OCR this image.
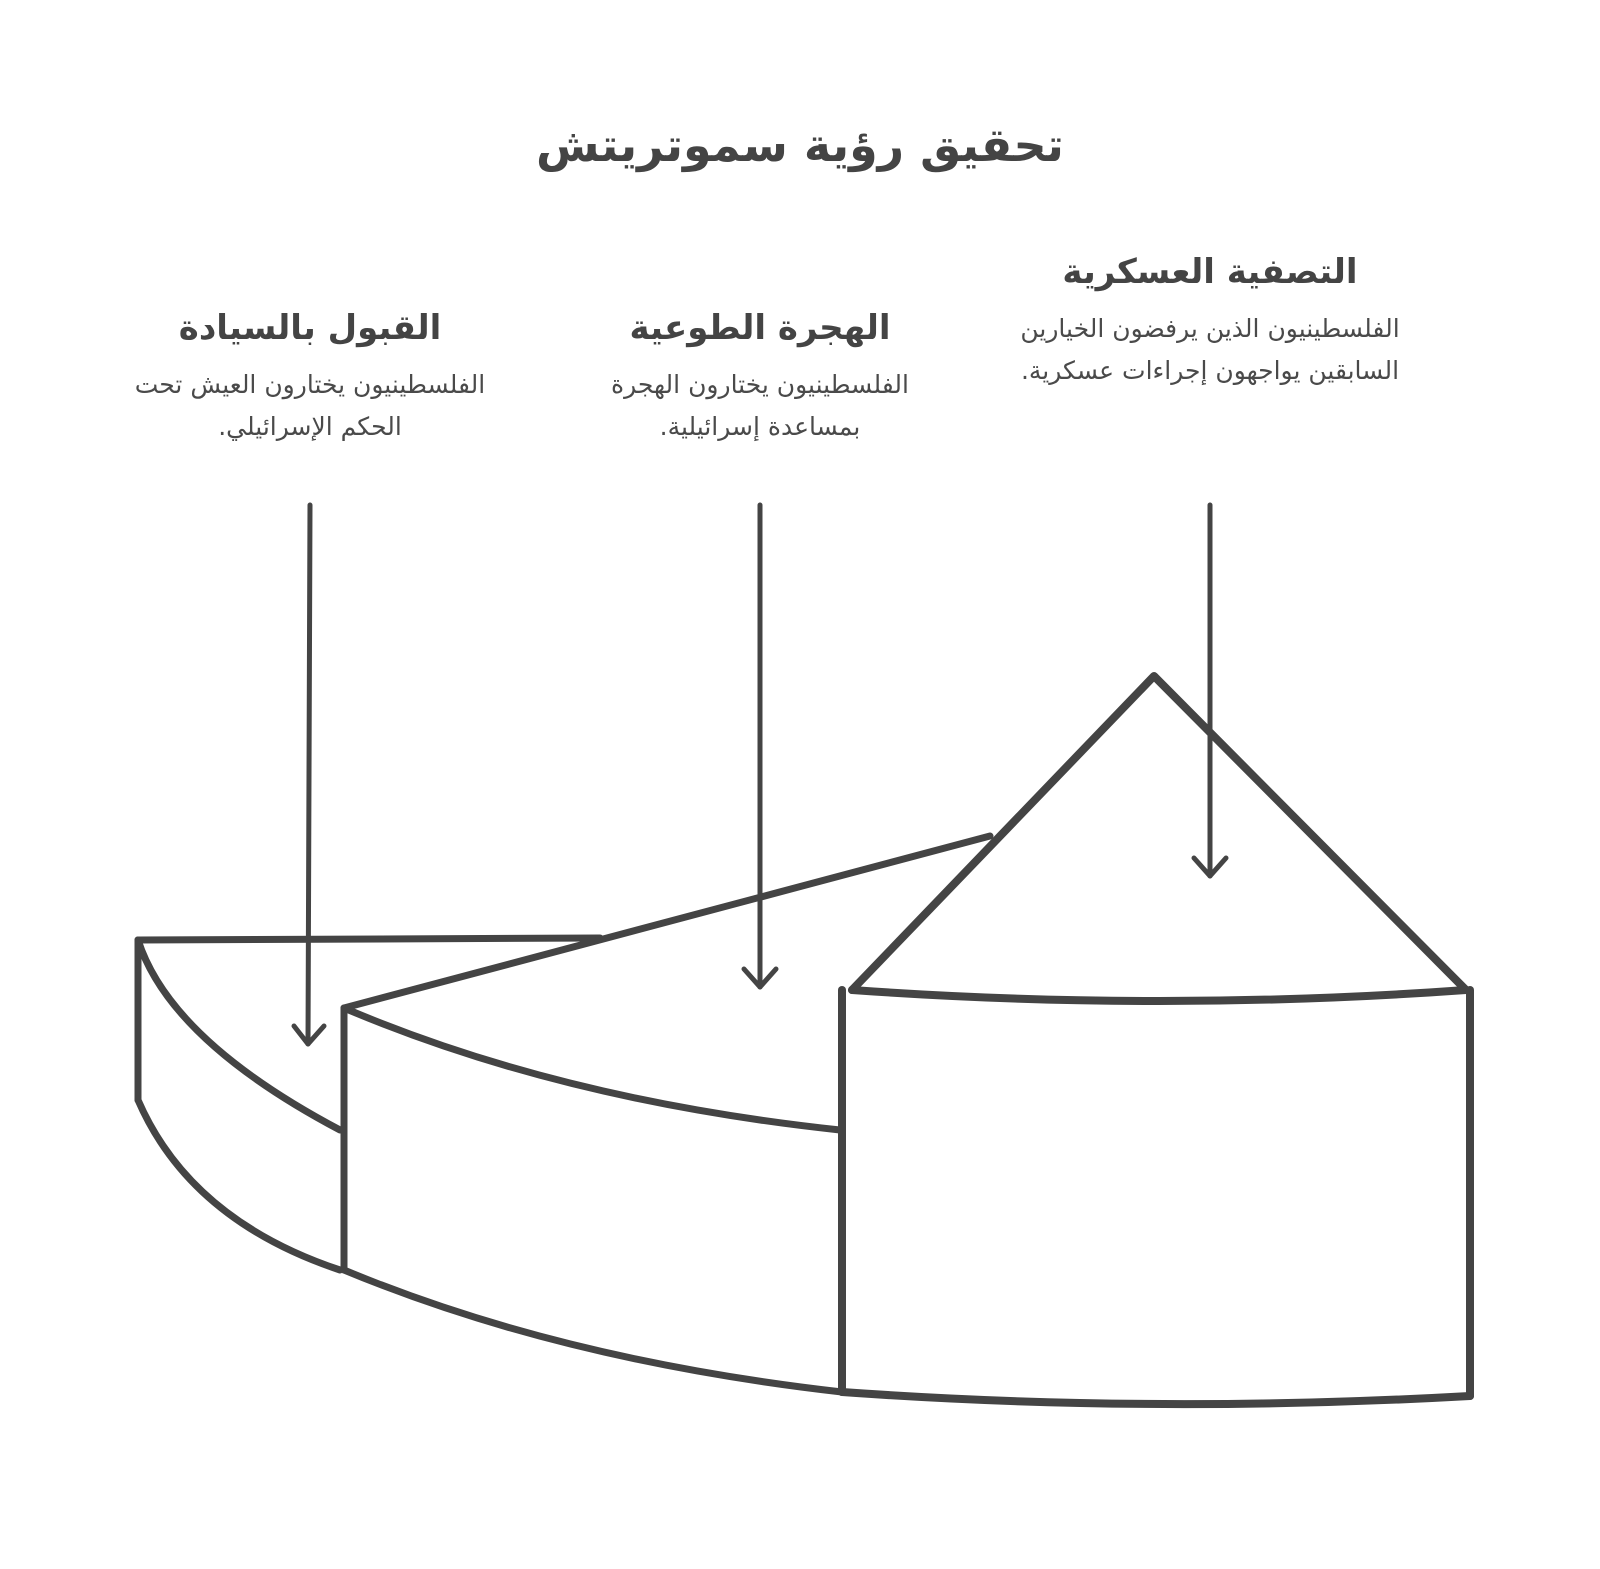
تحقيق رؤية سموتريتش
التصفية العسكرية

الفلسطينيون الذين يرفضون الخيارين السابقين يواجهون إجراءات عسكرية.

الهجرة الطوعية

الفلسطينيون يختارون الهجرة بمساعدة إسرائيلية.

القبول بالسيادة

الفلسطينيون يختارون العيش تحت الحكم الإسرائيلي.
